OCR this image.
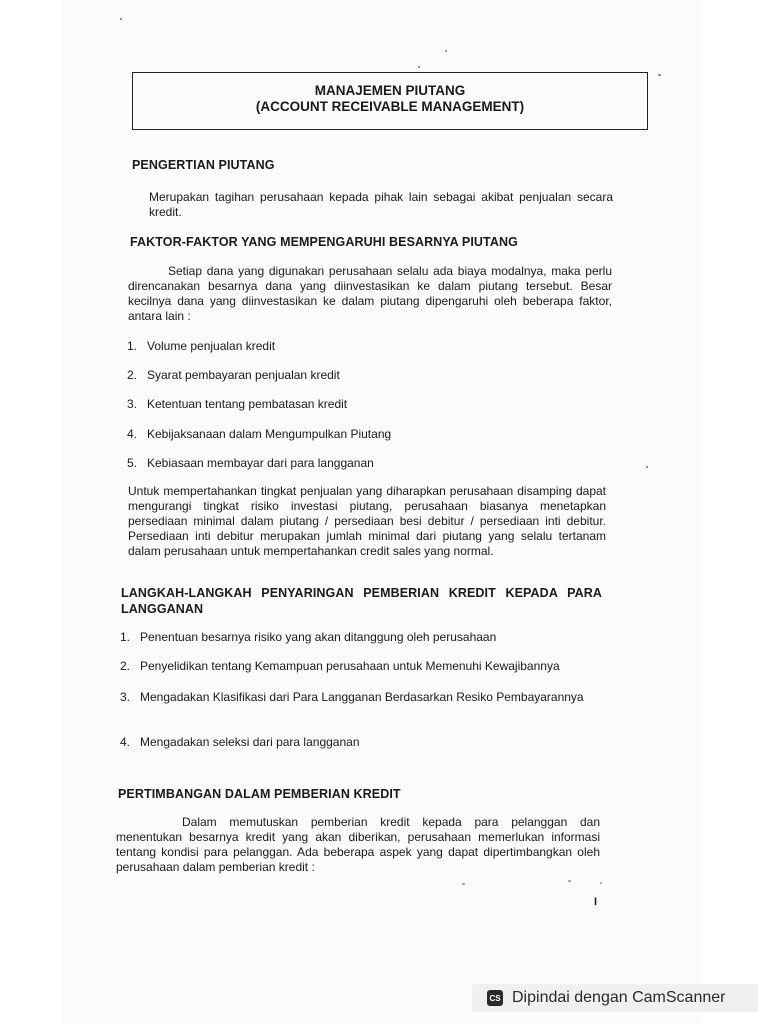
MANAJEMEN PIUTANG
(ACCOUNT RECEIVABLE MANAGEMENT)
PENGERTIAN PIUTANG
Merupakan tagihan perusahaan kepada pihak lain sebagai akibat penjualan secara kredit.
FAKTOR-FAKTOR YANG MEMPENGARUHI BESARNYA PIUTANG
Setiap dana yang digunakan perusahaan selalu ada biaya modalnya, maka perlu direncanakan besarnya dana yang diinvestasikan ke dalam piutang tersebut. Besar kecilnya dana yang diinvestasikan ke dalam piutang dipengaruhi oleh beberapa faktor, antara lain :
1. Volume penjualan kredit
2. Syarat pembayaran penjualan kredit
3. Ketentuan tentang pembatasan kredit
4. Kebijaksanaan dalam Mengumpulkan Piutang
5. Kebiasaan membayar dari para langganan
Untuk mempertahankan tingkat penjualan yang diharapkan perusahaan disamping dapat mengurangi tingkat risiko investasi piutang, perusahaan biasanya menetapkan persediaan minimal dalam piutang / persediaan besi debitur / persediaan inti debitur. Persediaan inti debitur merupakan jumlah minimal dari piutang yang selalu tertanam dalam perusahaan untuk mempertahankan credit sales yang normal.
LANGKAH-LANGKAH PENYARINGAN PEMBERIAN KREDIT KEPADA PARA LANGGANAN
1. Penentuan besarnya risiko yang akan ditanggung oleh perusahaan
2. Penyelidikan tentang Kemampuan perusahaan untuk Memenuhi Kewajibannya
3. Mengadakan Klasifikasi dari Para Langganan Berdasarkan Resiko Pembayarannya
4. Mengadakan seleksi dari para langganan
PERTIMBANGAN DALAM PEMBERIAN KREDIT
Dalam memutuskan pemberian kredit kepada para pelanggan dan menentukan besarnya kredit yang akan diberikan, perusahaan memerlukan informasi tentang kondisi para pelanggan. Ada beberapa aspek yang dapat dipertimbangkan oleh perusahaan dalam pemberian kredit :
I
CS Dipindai dengan CamScanner
